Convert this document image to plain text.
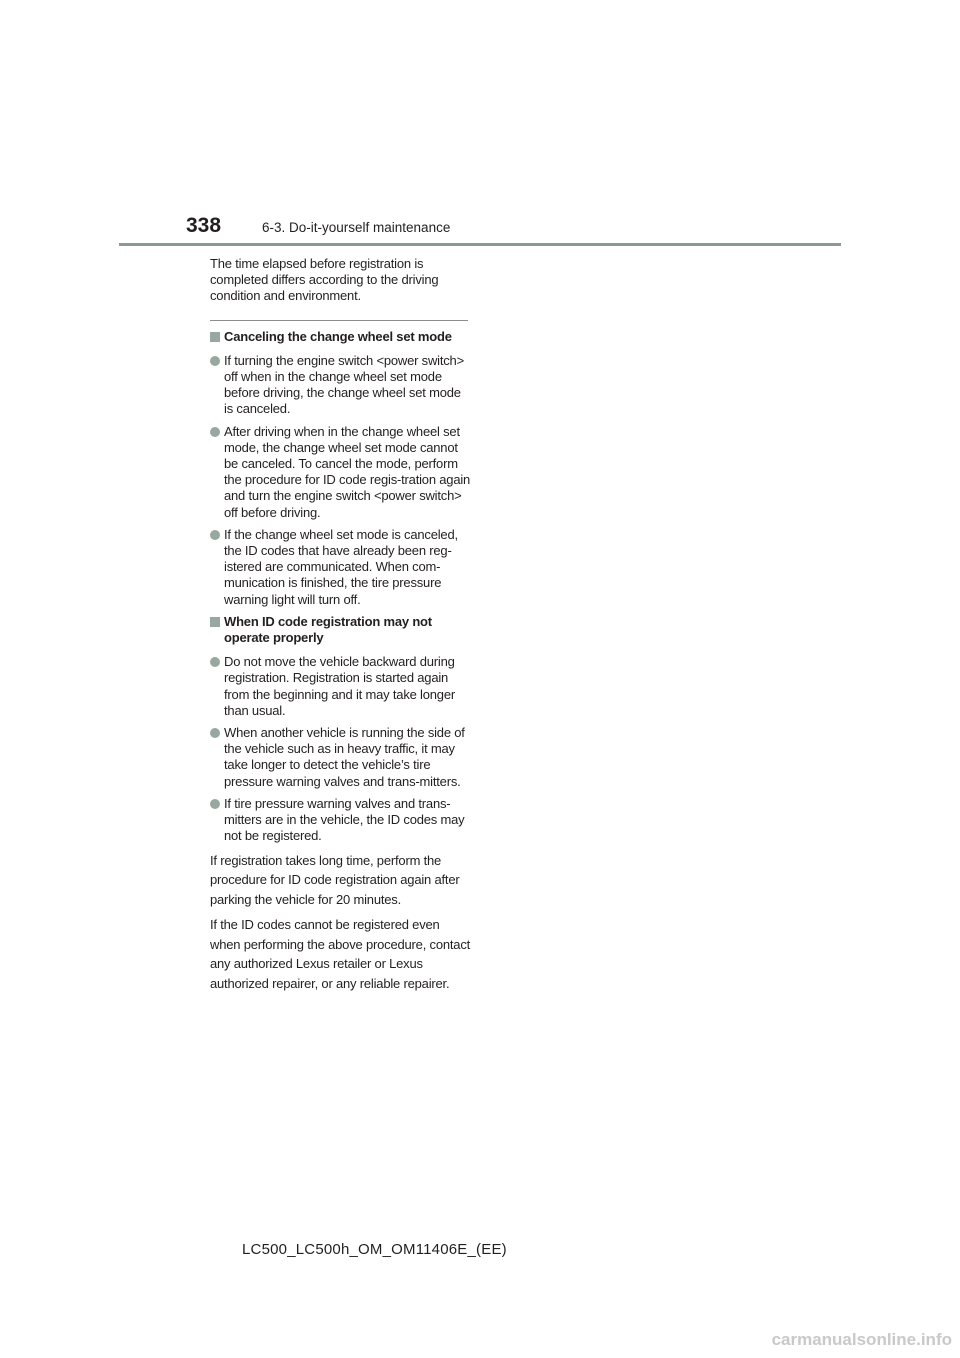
338	6-3. Do-it-yourself maintenance

The time elapsed before registration is completed differs according to the driving condition and environment.

Canceling the change wheel set mode
If turning the engine switch <power switch> off when in the change wheel set mode before driving, the change wheel set mode is canceled.
After driving when in the change wheel set mode, the change wheel set mode cannot be canceled. To cancel the mode, perform the procedure for ID code regis-tration again and turn the engine switch <power switch> off before driving.
If the change wheel set mode is canceled, the ID codes that have already been reg-istered are communicated. When com-munication is finished, the tire pressure warning light will turn off.
When ID code registration may not operate properly
Do not move the vehicle backward during registration. Registration is started again from the beginning and it may take longer than usual.
When another vehicle is running the side of the vehicle such as in heavy traffic, it may take longer to detect the vehicle’s tire pressure warning valves and trans-mitters.
If tire pressure warning valves and trans-mitters are in the vehicle, the ID codes may not be registered.

If registration takes long time, perform the procedure for ID code registration again after parking the vehicle for 20 minutes.

If the ID codes cannot be registered even when performing the above procedure, contact any authorized Lexus retailer or Lexus authorized repairer, or any reliable repairer.

LC500_LC500h_OM_OM11406E_(EE)
carmanualsonline.info
